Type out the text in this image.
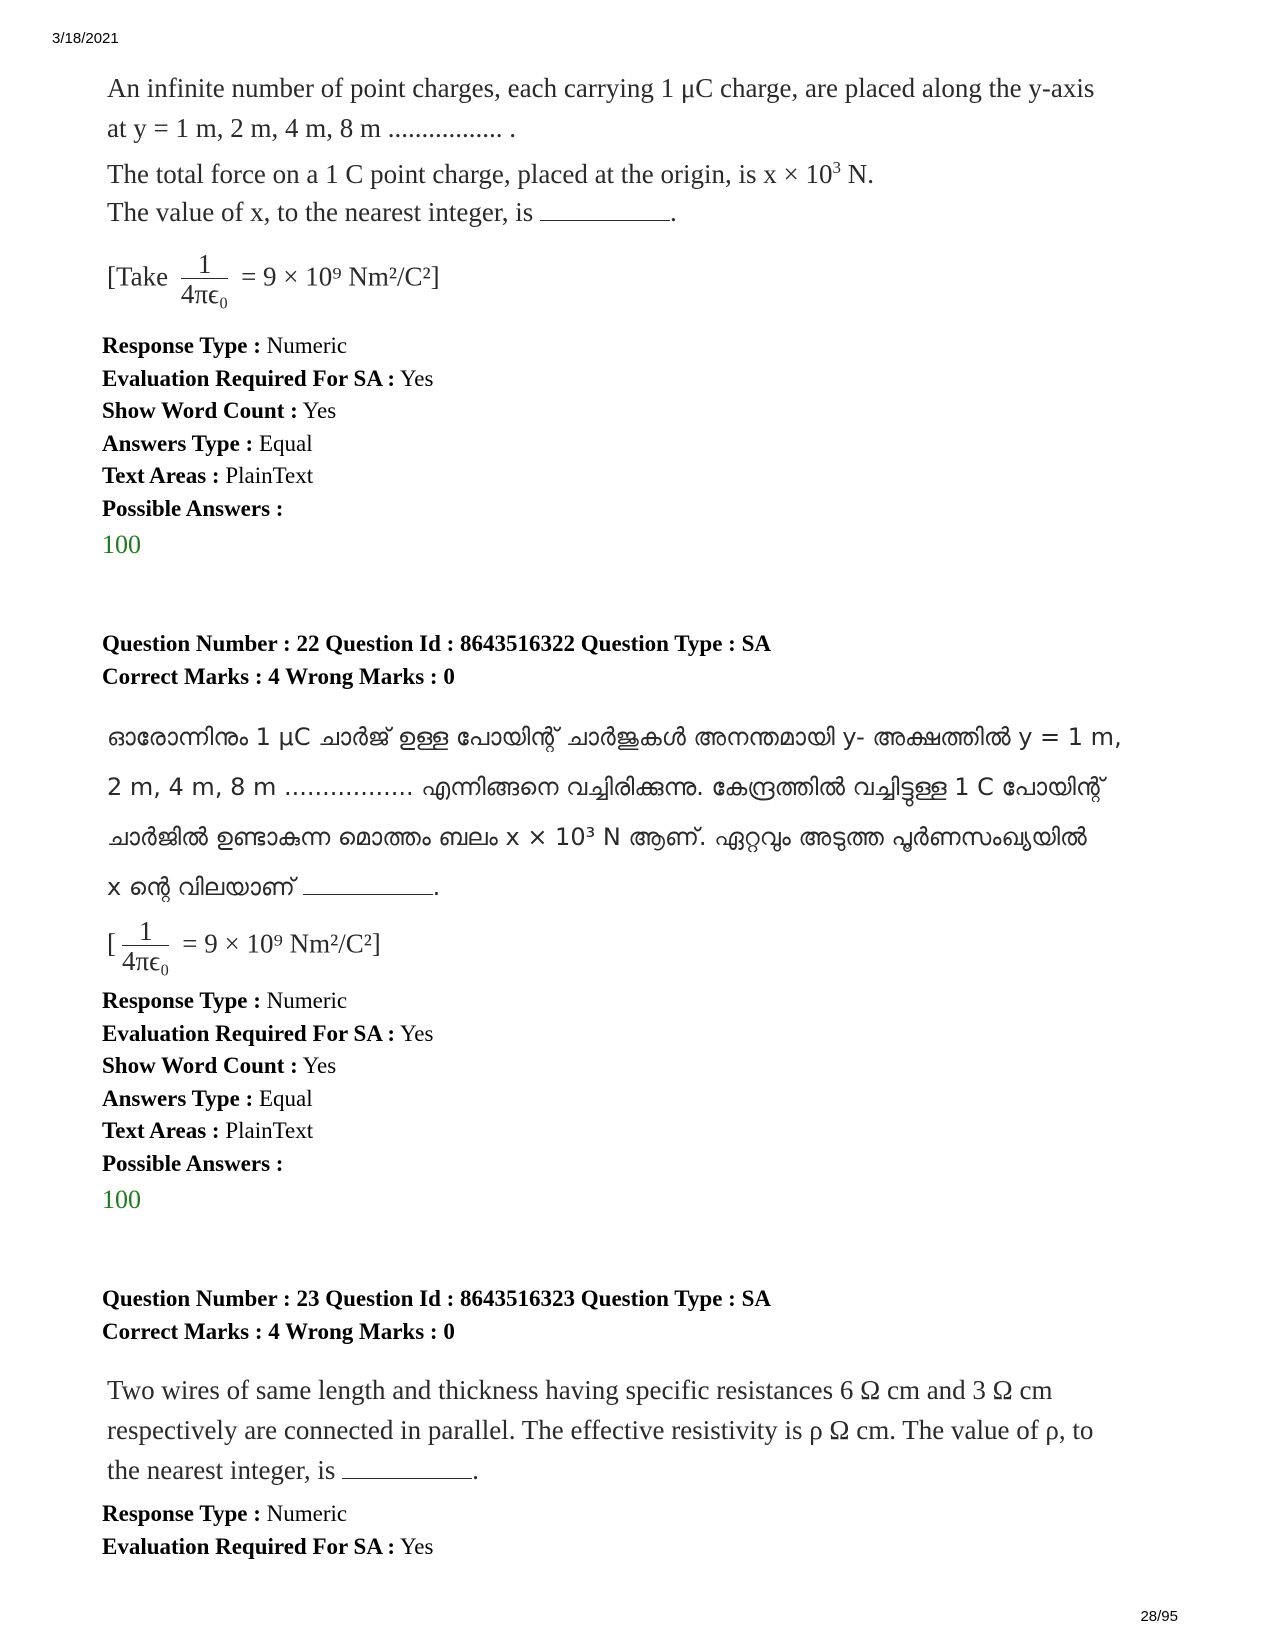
3/18/2021

An infinite number of point charges, each carrying 1 μC charge, are placed along the y-axis

at y = 1 m, 2 m, 4 m, 8 m ................. .

The total force on a 1 C point charge, placed at the origin, is $x \times 10^3$ N.
The value of x, to the nearest integer, is	.
[Take $\frac{1}{\text{4πϵ₀}} = 9 \times 10^9$ Nm²/C²]
Response Type : Numeric
Evaluation Required For SA : Yes
Show Word Count : Yes
Answers Type : Equal
Text Areas : PlainText
Possible Answers :
100
Question Number : 22 Question Id : 8643516322 Question Type : SA
Correct Marks : 4 Wrong Marks : 0

ഓരോന്നിനും 1 μC ചാർജ് ഉള്ള പോയിന്റ് ചാർജുകൾ അനന്തമായി y- അക്ഷത്തിൽ y = 1 m,

2 m, 4 m, 8 m ................. എന്നിങ്ങനെ വച്ചിരിക്കുന്നു. കേന്ദ്രത്തിൽ വച്ചിട്ടുള്ള 1 C പോയിന്റ്

ചാർജിൽ ഉണ്ടാകുന്ന മൊത്തം ബലം x × 10³ N ആണ്. ഏറ്റവും അടുത്ത പൂർണസംഖ്യയിൽ

x ന്റെ വിലയാണ്	.

[ $\frac{1}{\text{4πϵ₀}} = 9 \times 10^9$ Nm²/C²]
Response Type : Numeric
Evaluation Required For SA : Yes
Show Word Count : Yes
Answers Type : Equal
Text Areas : PlainText
Possible Answers :
100
Question Number : 23 Question Id : 8643516323 Question Type : SA
Correct Marks : 4 Wrong Marks : 0

Two wires of same length and thickness having specific resistances 6 Ω cm and 3 Ω cm

respectively are connected in parallel. The effective resistivity is ρ Ω cm. The value of ρ, to

the nearest integer, is	.
Response Type : Numeric
Evaluation Required For SA : Yes
28/95
